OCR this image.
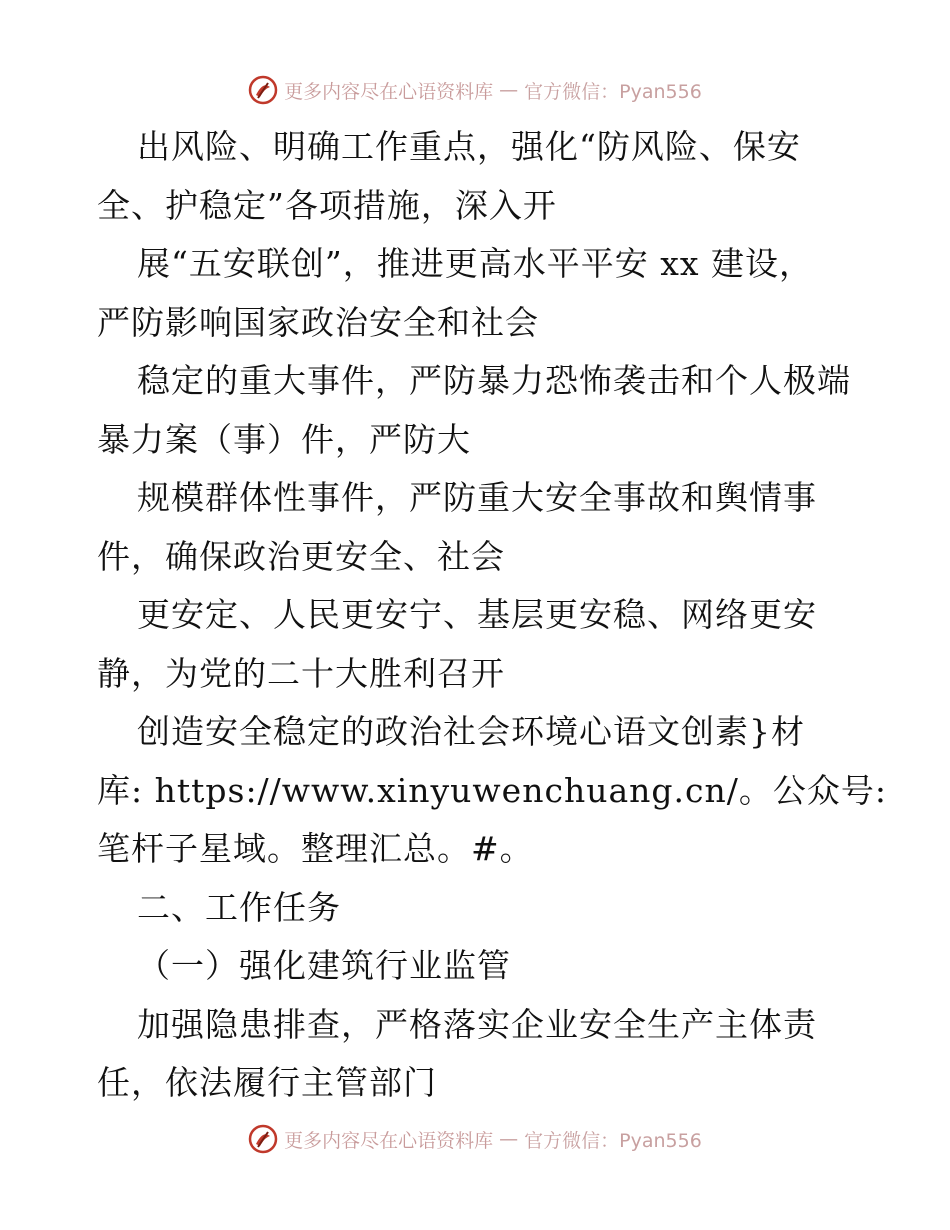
更多内容尽在心语资料库 — 官方微信：Pyan556
出风险、明确工作重点，强化“防风险、保安
全、护稳定”各项措施，深入开
展“五安联创”，推进更高水平平安 xx 建设，
严防影响国家政治安全和社会
稳定的重大事件，严防暴力恐怖袭击和个人极端
暴力案（事）件，严防大
规模群体性事件，严防重大安全事故和舆情事
件，确保政治更安全、社会
更安定、人民更安宁、基层更安稳、网络更安
静，为党的二十大胜利召开
创造安全稳定的政治社会环境心语文创素}材
库: https://www.xinyuwenchuang.cn/。公众号:
笔杆子星域。整理汇总。#。
二、工作任务
（一）强化建筑行业监管
加强隐患排查，严格落实企业安全生产主体责
任，依法履行主管部门
更多内容尽在心语资料库 — 官方微信：Pyan556
